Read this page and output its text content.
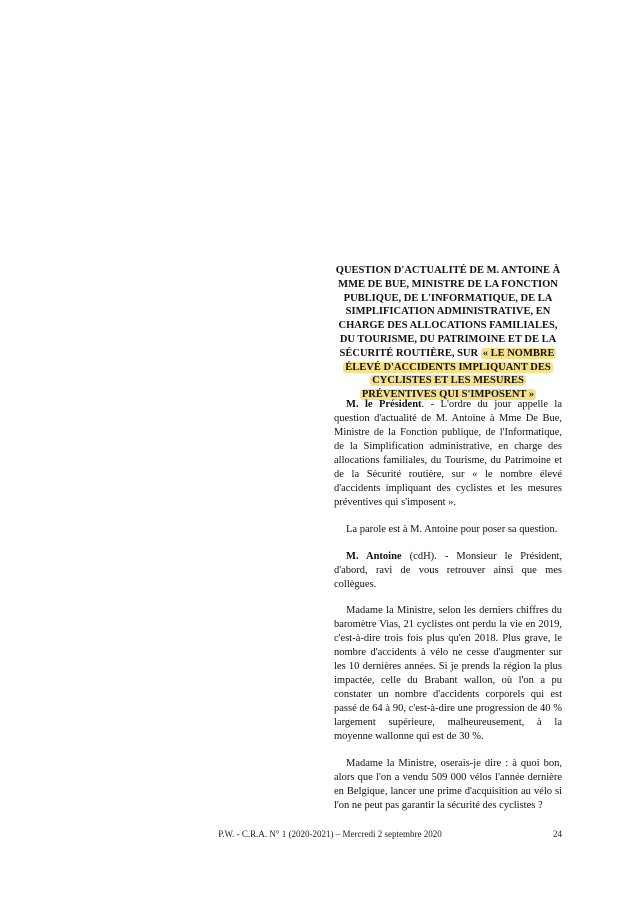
QUESTION D'ACTUALITÉ DE M. ANTOINE À MME DE BUE, MINISTRE DE LA FONCTION PUBLIQUE, DE L'INFORMATIQUE, DE LA SIMPLIFICATION ADMINISTRATIVE, EN CHARGE DES ALLOCATIONS FAMILIALES, DU TOURISME, DU PATRIMOINE ET DE LA SÉCURITÉ ROUTIÈRE, SUR « LE NOMBRE ÉLEVÉ D'ACCIDENTS IMPLIQUANT DES CYCLISTES ET LES MESURES PRÉVENTIVES QUI S'IMPOSENT »

M. le Président. - L'ordre du jour appelle la question d'actualité de M. Antoine à Mme De Bue, Ministre de la Fonction publique, de l'Informatique, de la Simplification administrative, en charge des allocations familiales, du Tourisme, du Patrimoine et de la Sécurité routière, sur « le nombre élevé d'accidents impliquant des cyclistes et les mesures préventives qui s'imposent ».

La parole est à M. Antoine pour poser sa question.

M. Antoine (cdH). - Monsieur le Président, d'abord, ravi de vous retrouver ainsi que mes collègues.

Madame la Ministre, selon les derniers chiffres du baromètre Vias, 21 cyclistes ont perdu la vie en 2019, c'est-à-dire trois fois plus qu'en 2018. Plus grave, le nombre d'accidents à vélo ne cesse d'augmenter sur les 10 dernières années. Si je prends la région la plus impactée, celle du Brabant wallon, où l'on a pu constater un nombre d'accidents corporels qui est passé de 64 à 90, c'est-à-dire une progression de 40 % largement supérieure, malheureusement, à la moyenne wallonne qui est de 30 %.

Madame la Ministre, oserais-je dire : à quoi bon, alors que l'on a vendu 509 000 vélos l'année dernière en Belgique, lancer une prime d'acquisition au vélo si l'on ne peut pas garantir la sécurité des cyclistes ?

P.W. - C.R.A. N° 1 (2020-2021) – Mercredi 2 septembre 2020	24
